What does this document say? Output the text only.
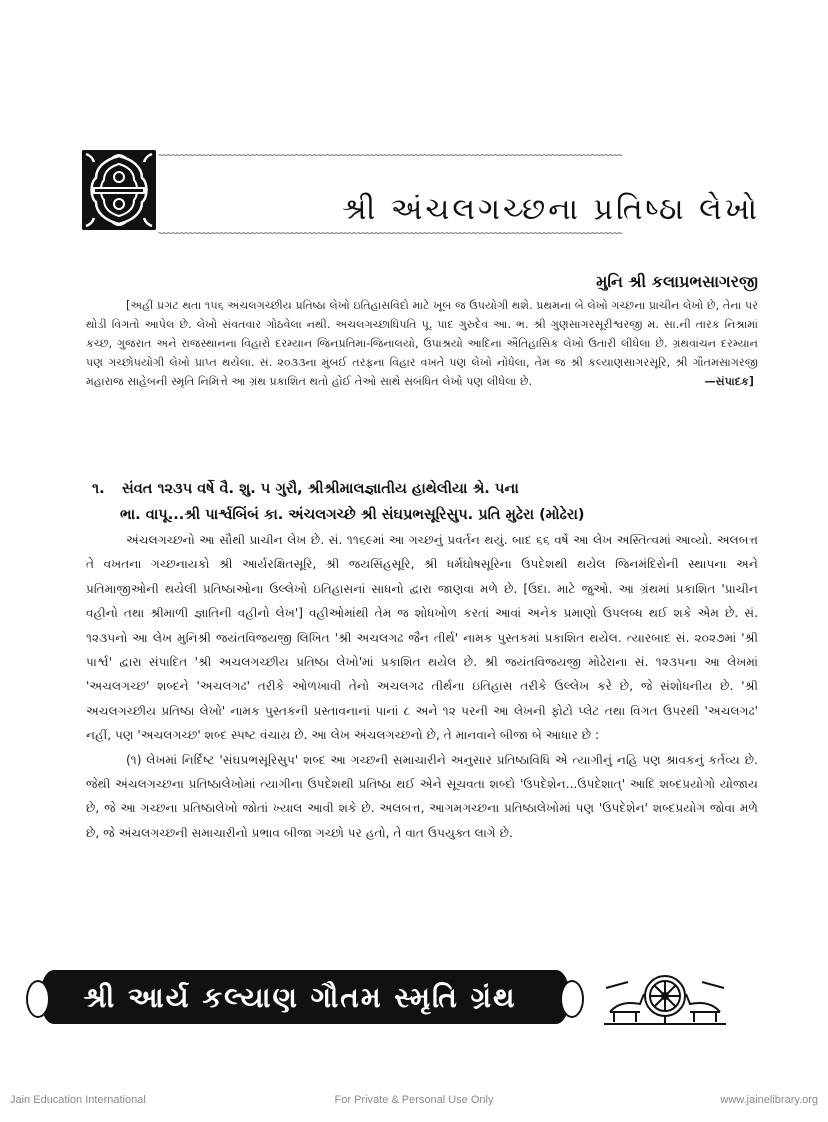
~~~~~~~~~~~~~~~~~~~~~~~~~~~~~~~~~~~~~~~~~~~~~~~~~~~~~~~~~~~~~~~~~~~~~~~~~~~~~~~~~~~~~~~~~~~~~~~~~~~~~~~~~
શ્રી અંચલગચ્છના પ્રતિષ્ઠા લેખો
~~~~~~~~~~~~~~~~~~~~~~~~~~~~~~~~~~~~~~~~~~~~~~~~~~~~~~~~~~~~~~~~~~~~~~~~~~~~~~~~~~~~~~~~~~~~~~~~~~~~~~~~~
મુનિ શ્રી કલાપ્રભસાગરજી

[અહીં પ્રગટ થતા ૧૫૬ અંચલગચ્છીય પ્રતિષ્ઠા લેખો ઇતિહાસવિદો માટે ખૂબ જ ઉપયોગી થશે. પ્રથમના બે લેખો ગચ્છના પ્રાચીન લેખો છે, તેના પર થોડી વિગતો આપેલ છે. લેખો સંવતવાર ગોઠવેલા નથી. અચલગચ્છાધિપતિ પૂ. પાદ ગુરુદેવ આ. ભ. શ્રી ગુણસાગરસૂરીશ્વરજી મ. સા.ની તારક નિશ્રામાં કચ્છ, ગુજરાત અને રાજસ્થાનના વિહારો દરમ્યાન જિનપ્રતિમા-જિનાલયો, ઉપાશ્રયો આદિના ઐતિહાસિક લેખો ઉતારી લીધેલા છે. ગ્રંથવાંચન દરમ્યાન પણ ગચ્છોપયોગી લેખો પ્રાપ્ત થયેલા. સં. ૨૦૩૩ના મુંબઈ તરફના વિહાર વખતે પણ લેખો નોંધેલા, તેમ જ શ્રી કલ્યાણસાગરસૂરિ, શ્રી ગૌતમસાગરજી મહારાજ સાહેબની સ્મૃતિ નિમિત્તે આ ગ્રંથ પ્રકાશિત થતો હોઈ તેઓ સાથે સંબંધિત લેખો પણ લીધેલા છે.	—સંપાદક]
૧. સંવત ૧૨૩૫ વર્ષે વૈ. શુ. ૫ ગુરૌ, શ્રીશ્રીમાલજ્ઞાતીય હાથેલીયા શ્રે. ૫ના
ભા. વાપૂ...શ્રી પાર્શ્વબિંબં કા. અંચલગચ્છે શ્રી સંઘપ્રભસૂરિસુપ. પ્રતિ મુઢેરા (મોઢેરા)

અંચલગચ્છનો આ સૌથી પ્રાચીન લેખ છે. સં. ૧૧૬૯માં આ ગચ્છનું પ્રવર્તન થયું. બાદ ૬૬ વર્ષે આ લેખ અસ્તિત્વમાં આવ્યો. અલબત્ત તે વખતના ગચ્છનાયકો શ્રી આર્યરક્ષિતસૂરિ, શ્રી જયસિંહસૂરિ, શ્રી ધર્મઘોષસૂરિના ઉપદેશથી થયેલ જિનમંદિરોની સ્થાપના અને પ્રતિમાજીઓની થયેલી પ્રતિષ્ઠાઓના ઉલ્લેખો ઇતિહાસનાં સાધનો દ્વારા જાણવા મળે છે. [ઉદા. માટે જુઓ. આ ગ્રંથમાં પ્રકાશિત 'પ્રાચીન વહીનો તથા શ્રીમાળી જ્ઞાતિની વહીનો લેખ'] વહીઓમાંથી તેમ જ શોધખોળ કરતાં આવાં અનેક પ્રમાણો ઉપલબ્ધ થઈ શકે એમ છે. સં. ૧૨૩૫નો આ લેખ મુનિશ્રી જયંતવિજયજી લિખિત 'શ્રી અચલગઢ જૈન તીર્થ' નામક પુસ્તકમાં પ્રકાશિત થયેલ. ત્યારબાદ સં. ૨૦૨૭માં 'શ્રી પાર્શ્વ' દ્વારા સંપાદિત 'શ્રી અચલગચ્છીય પ્રતિષ્ઠા લેખો'માં પ્રકાશિત થયેલ છે. શ્રી જયંતવિજયજી મોઢેરાના સં. ૧૨૩૫ના આ લેખમાં 'અચલગચ્છ' શબ્દને 'અચલગઢ' તરીકે ઓળખાવી તેનો અચલગઢ તીર્થના ઇતિહાસ તરીકે ઉલ્લેખ કરે છે, જે સંશોધનીય છે. 'શ્રી અચલગચ્છીય પ્રતિષ્ઠા લેખો' નામક પુસ્તકની પ્રસ્તાવનાનાં પાનાં ૮ અને ૧૨ પરની આ લેખની ફોટો પ્લેટ તથા વિગત ઉપરથી 'અચલગઢ' નહીં, પણ 'અચલગચ્છ' શબ્દ સ્પષ્ટ વંચાય છે. આ લેખ અંચલગચ્છનો છે, તે માનવાને બીજા બે આધાર છે :

(૧) લેખમાં નિર્દિષ્ટ 'સંઘપ્રભસૂરિસુપ' શબ્દ આ ગચ્છની સમાચારીને અનુસાર પ્રતિષ્ઠાવિધિ એ ત્યાગીનું નહિ પણ શ્રાવકનું કર્તવ્ય છે. જેથી અંચલગચ્છના પ્રતિષ્ઠાલેખોમાં ત્યાગીના ઉપદેશથી પ્રતિષ્ઠા થઈ એને સૂચવતા શબ્દો 'ઉપદેશેન...ઉપદેશાત્' આદિ શબ્દપ્રયોગો યોજાય છે, જે આ ગચ્છના પ્રતિષ્ઠાલેખો જોતાં ખ્યાલ આવી શકે છે. અલબત્ત, આગમગચ્છના પ્રતિષ્ઠાલેખોમાં પણ 'ઉપદેશેન' શબ્દપ્રયોગ જોવા મળે છે, જે અંચલગચ્છની સમાચારીનો પ્રભાવ બીજા ગચ્છો પર હતો, તે વાત ઉપયુક્ત લાગે છે.

શ્રી આર્ય કલ્યાણ ગૌતમ સ્મૃતિ ગ્રંથ
Jain Education International	For Private & Personal Use Only	www.jainelibrary.org
